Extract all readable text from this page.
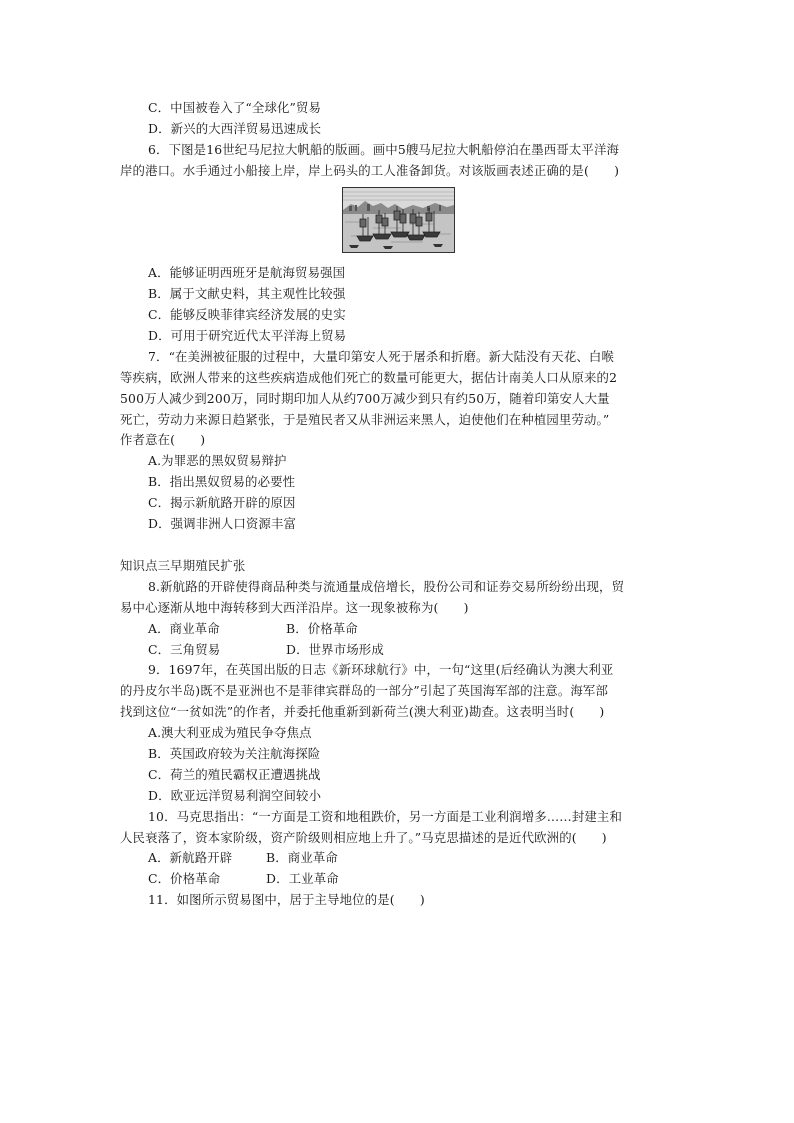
C．中国被卷入了“全球化”贸易
D．新兴的大西洋贸易迅速成长
6．下图是16世纪马尼拉大帆船的版画。画中5艘马尼拉大帆船停泊在墨西哥太平洋海
岸的港口。水手通过小船接上岸，岸上码头的工人准备卸货。对该版画表述正确的是(　　)
A．能够证明西班牙是航海贸易强国
B．属于文献史料，其主观性比较强
C．能够反映菲律宾经济发展的史实
D．可用于研究近代太平洋海上贸易
7．“在美洲被征服的过程中，大量印第安人死于屠杀和折磨。新大陆没有天花、白喉
等疾病，欧洲人带来的这些疾病造成他们死亡的数量可能更大，据估计南美人口从原来的2
500万人减少到200万，同时期印加人从约700万减少到只有约50万，随着印第安人大量
死亡，劳动力来源日趋紧张，于是殖民者又从非洲运来黑人，迫使他们在种植园里劳动。”
作者意在(　　)
A.为罪恶的黑奴贸易辩护
B．指出黑奴贸易的必要性
C．揭示新航路开辟的原因
D．强调非洲人口资源丰富
知识点三早期殖民扩张
8.新航路的开辟使得商品种类与流通量成倍增长，股份公司和证券交易所纷纷出现，贸
易中心逐渐从地中海转移到大西洋沿岸。这一现象被称为(　　)
A．商业革命	B．价格革命
C．三角贸易	D．世界市场形成
9．1697年，在英国出版的日志《新环球航行》中，一句“这里(后经确认为澳大利亚
的丹皮尔半岛)既不是亚洲也不是菲律宾群岛的一部分”引起了英国海军部的注意。海军部
找到这位“一贫如洗”的作者，并委托他重新到新荷兰(澳大利亚)勘查。这表明当时(　　)
A.澳大利亚成为殖民争夺焦点
B．英国政府较为关注航海探险
C．荷兰的殖民霸权正遭遇挑战
D．欧亚远洋贸易利润空间较小
10．马克思指出：“一方面是工资和地租跌价，另一方面是工业利润增多……封建主和
人民衰落了，资本家阶级，资产阶级则相应地上升了。”马克思描述的是近代欧洲的(　　)
A．新航路开辟	B．商业革命
C．价格革命	D．工业革命
11．如图所示贸易图中，居于主导地位的是(　　)
